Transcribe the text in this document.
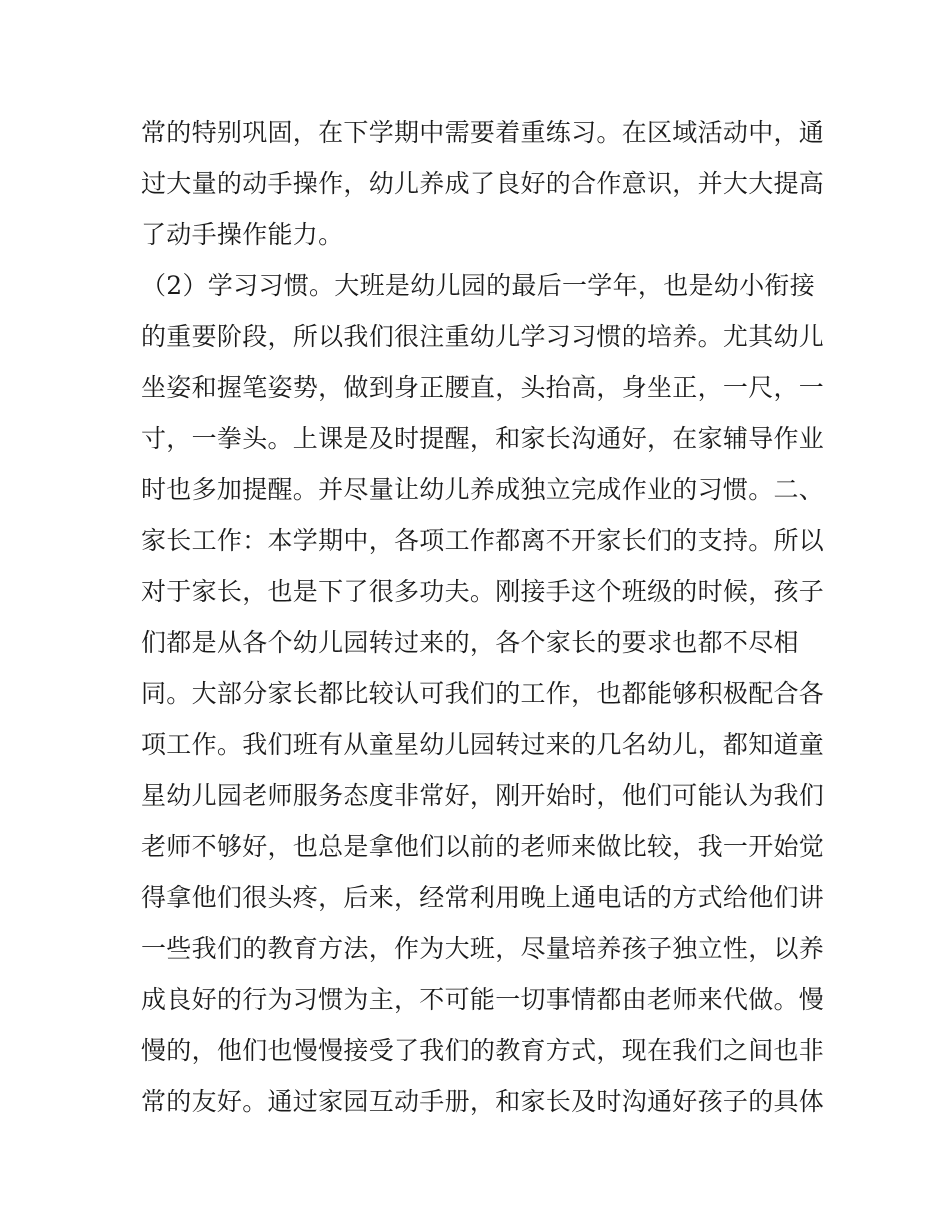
常的特别巩固，在下学期中需要着重练习。在区域活动中，通
过大量的动手操作，幼儿养成了良好的合作意识，并大大提高
了动手操作能力。
（2）学习习惯。大班是幼儿园的最后一学年，也是幼小衔接
的重要阶段，所以我们很注重幼儿学习习惯的培养。尤其幼儿
坐姿和握笔姿势，做到身正腰直，头抬高，身坐正，一尺，一
寸，一拳头。上课是及时提醒，和家长沟通好，在家辅导作业
时也多加提醒。并尽量让幼儿养成独立完成作业的习惯。二、
家长工作：本学期中，各项工作都离不开家长们的支持。所以
对于家长，也是下了很多功夫。刚接手这个班级的时候，孩子
们都是从各个幼儿园转过来的，各个家长的要求也都不尽相
同。大部分家长都比较认可我们的工作，也都能够积极配合各
项工作。我们班有从童星幼儿园转过来的几名幼儿，都知道童
星幼儿园老师服务态度非常好，刚开始时，他们可能认为我们
老师不够好，也总是拿他们以前的老师来做比较，我一开始觉
得拿他们很头疼，后来，经常利用晚上通电话的方式给他们讲
一些我们的教育方法，作为大班，尽量培养孩子独立性，以养
成良好的行为习惯为主，不可能一切事情都由老师来代做。慢
慢的，他们也慢慢接受了我们的教育方式，现在我们之间也非
常的友好。通过家园互动手册，和家长及时沟通好孩子的具体
